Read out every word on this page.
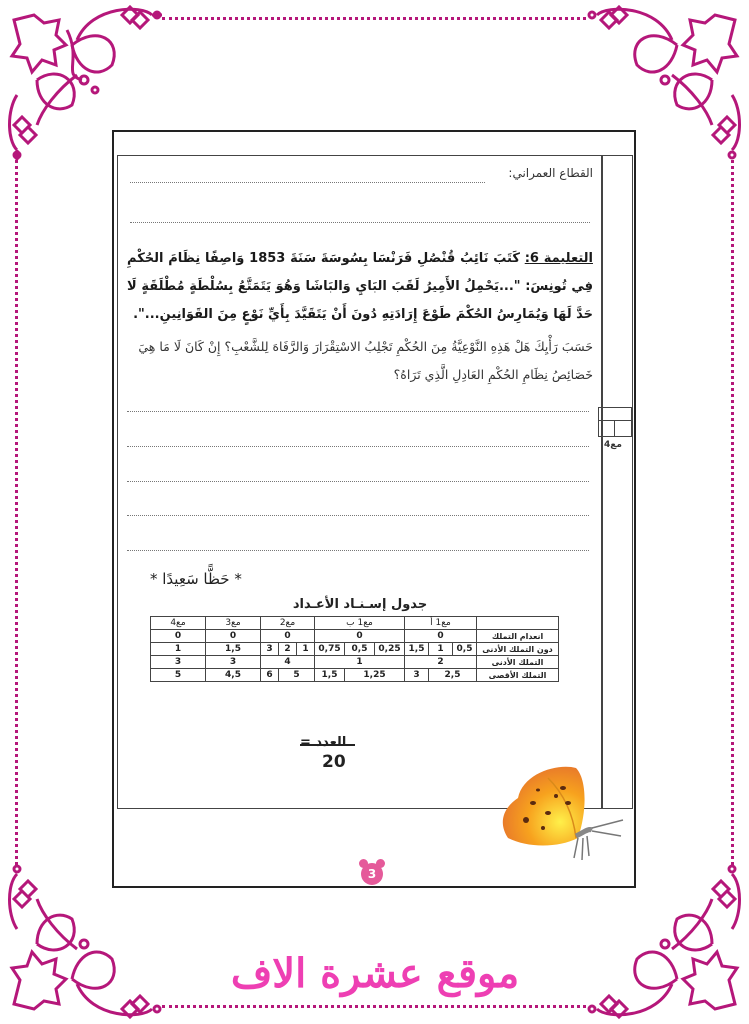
القطاع العمراني:
التعليمة 6: كَتَبَ نَائِبُ قُنْصُلِ فَرَنْسَا بِسُوسَةَ سَنَةَ 1853 وَاصِفًا نِظَامَ الحُكْمِ فِي تُونِسَ: "...يَحْمِلُ الأَمِيرُ لَقَبَ البَايِ وَالبَاشَا وَهُوَ يَتَمَتَّعُ بِسُلْطَةٍ مُطْلَقَةٍ لَا حَدَّ لَهَا وَيُمَارِسُ الحُكْمَ طَوْعَ إِرَادَتِهِ دُونَ أَنْ يَتَقَيَّدَ بِأَيِّ نَوْعٍ مِنَ القَوَانِينِ...".
حَسَبَ رَأْيِكَ هَلْ هَذِهِ النَّوْعِيَّةُ مِنَ الحُكْمِ تَجْلِبُ الاسْتِقْرَارَ وَالرَّفَاهَ لِلشَّعْبِ؟ إِنْ كَانَ لَا مَا هِيَ خَصَائِصُ نِظَامِ الحُكْمِ العَادِلِ الَّذِي تَرَاهُ؟
مع4
* حَظًّا سَعِيدًا *
جدول إسـنـاد الأعـداد
	مع1 أ			مع1 ب			مع2			مع3	مع4
انعدام التملك	0			0			0			0	0
دون التملك الأدنى	0,5	1	1,5	0,25	0,5	0,75	1	2	3	1,5	1
التملك الأدنى	2			1			4			3	3
التملك الأقصى	2,5		3	1,25		1,5	5		6	4,5	5
العدد =
20
3
موقع عشرة الاف
